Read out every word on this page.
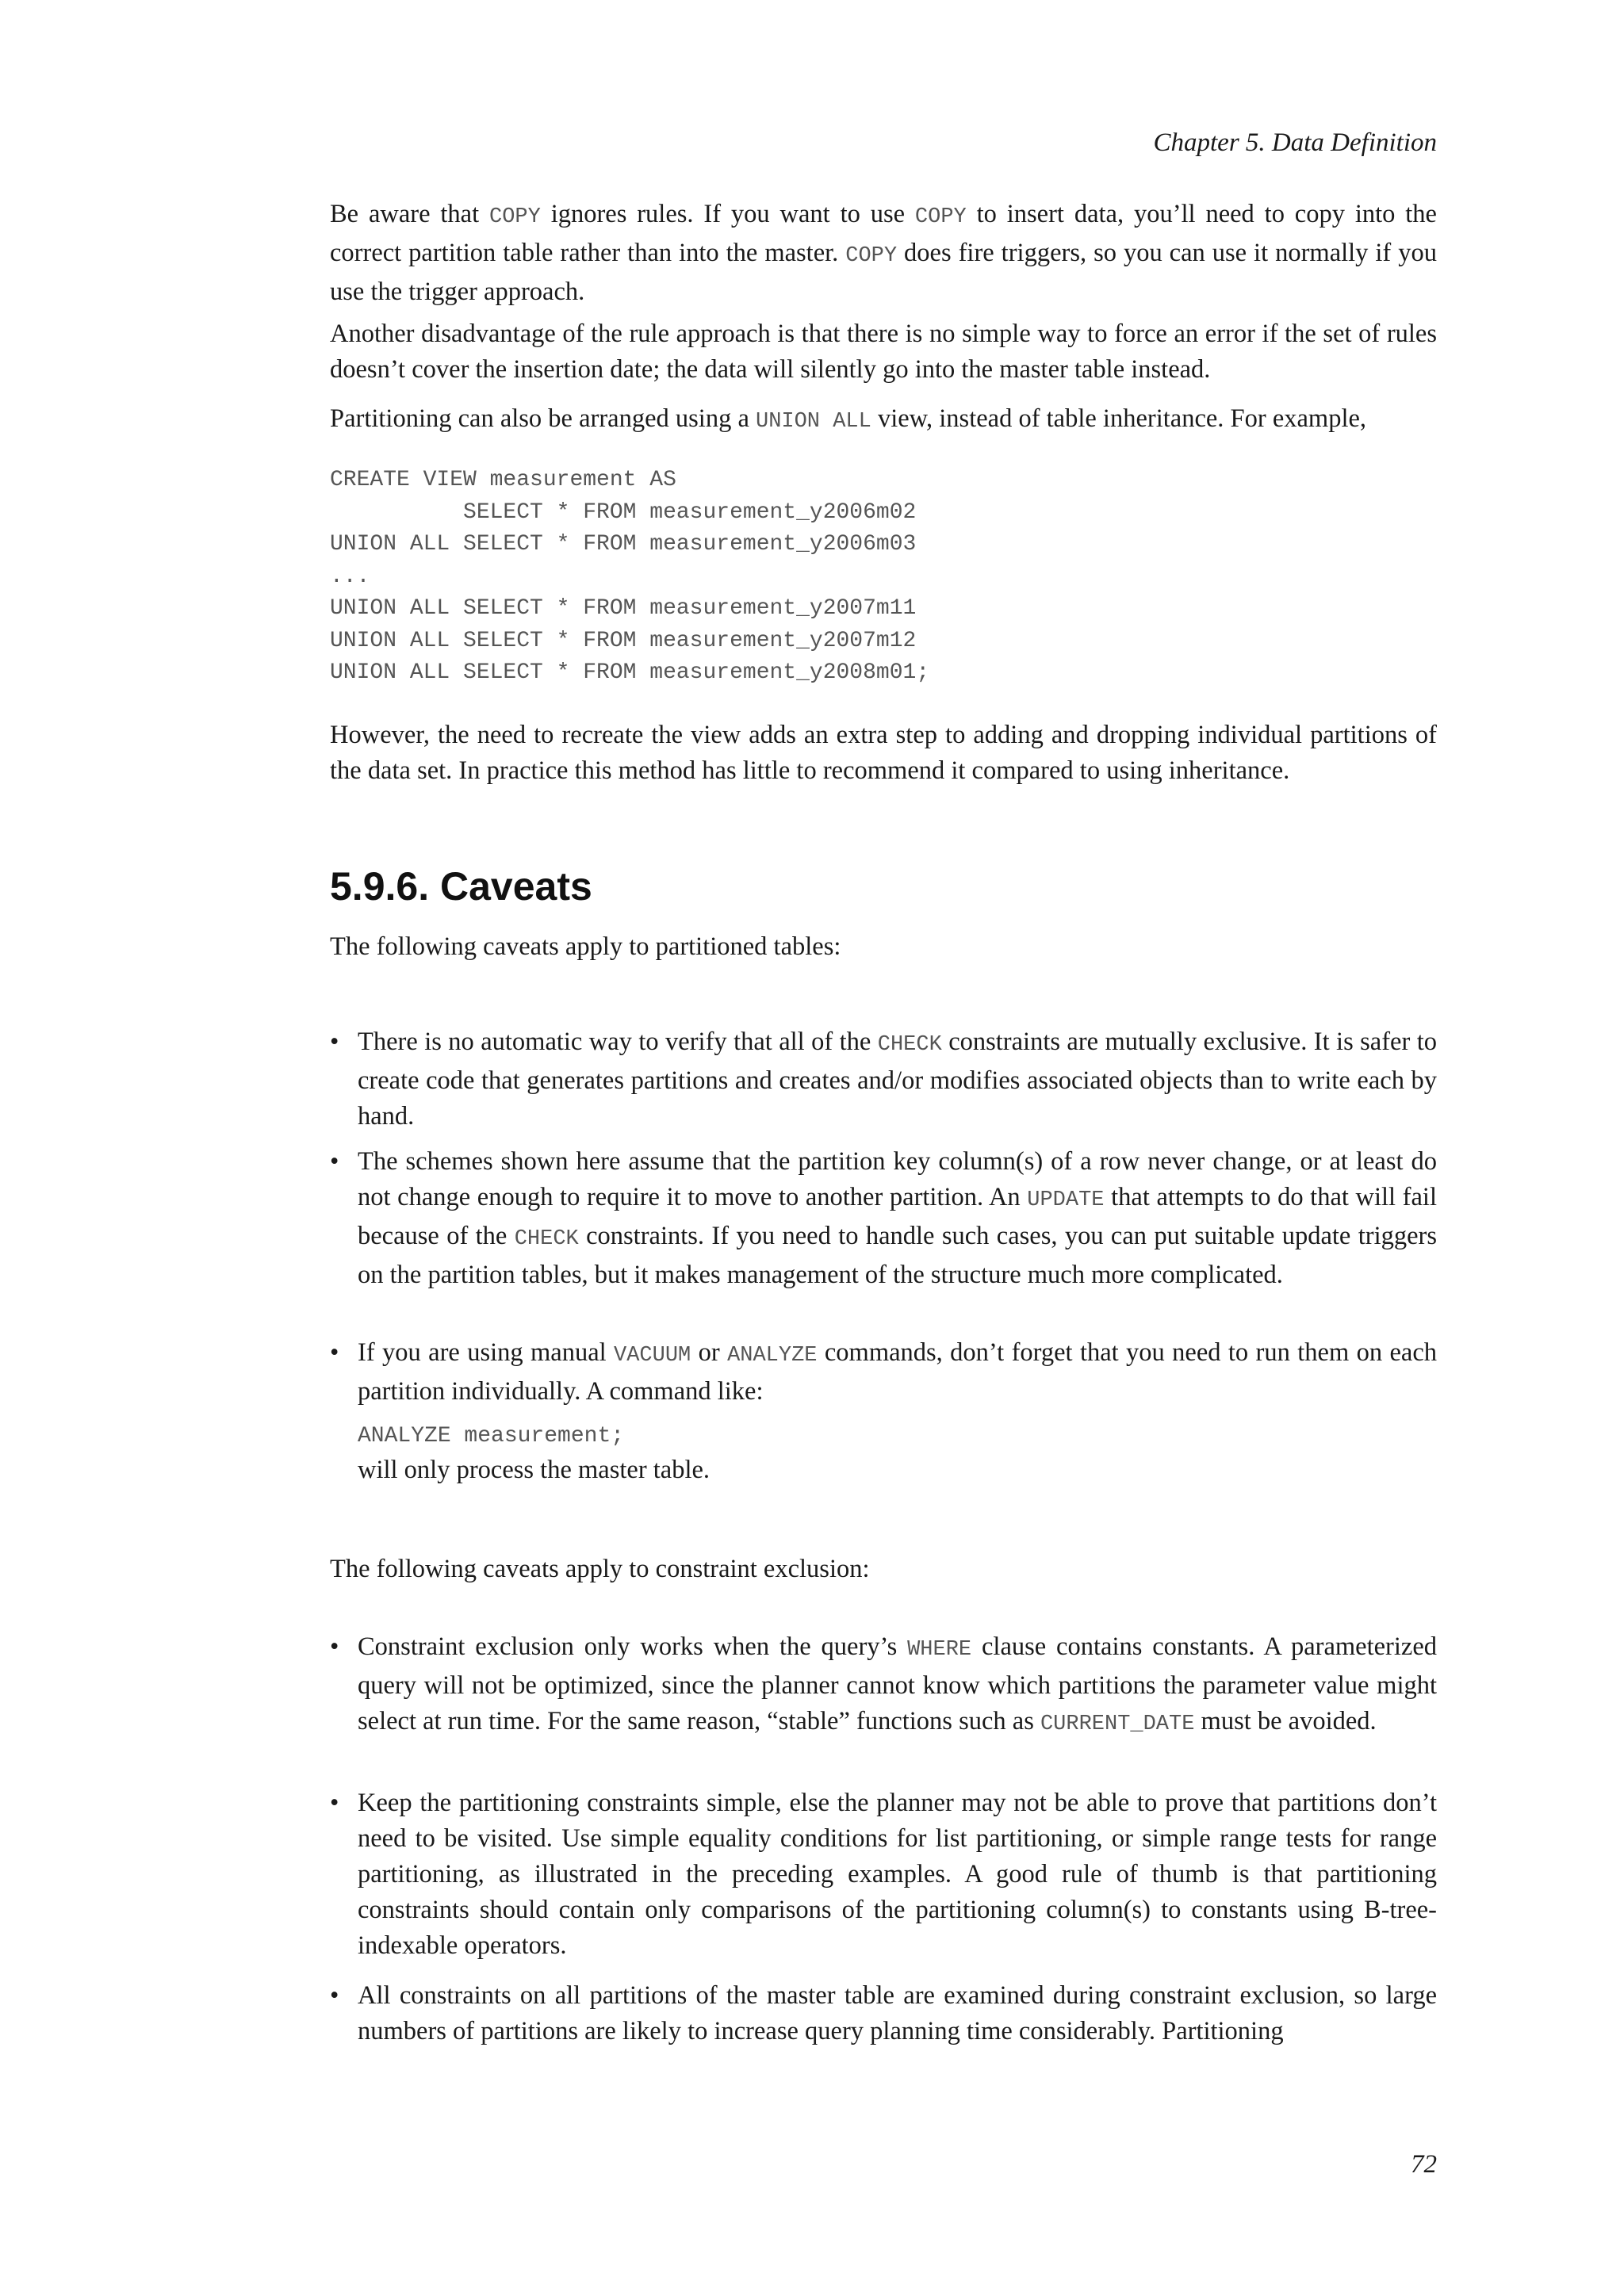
Chapter 5. Data Definition

Be aware that COPY ignores rules. If you want to use COPY to insert data, you’ll need to copy into the correct partition table rather than into the master. COPY does fire triggers, so you can use it normally if you use the trigger approach.

Another disadvantage of the rule approach is that there is no simple way to force an error if the set of rules doesn’t cover the insertion date; the data will silently go into the master table instead.

Partitioning can also be arranged using a UNION ALL view, instead of table inheritance. For example,

CREATE VIEW measurement AS
SELECT * FROM measurement_y2006m02
UNION ALL SELECT * FROM measurement_y2006m03
...
UNION ALL SELECT * FROM measurement_y2007m11
UNION ALL SELECT * FROM measurement_y2007m12
UNION ALL SELECT * FROM measurement_y2008m01;

However, the need to recreate the view adds an extra step to adding and dropping individual partitions of the data set. In practice this method has little to recommend it compared to using inheritance.

5.9.6. Caveats

The following caveats apply to partitioned tables:

• There is no automatic way to verify that all of the CHECK constraints are mutually exclusive. It is safer to create code that generates partitions and creates and/or modifies associated objects than to write each by hand.

• The schemes shown here assume that the partition key column(s) of a row never change, or at least do not change enough to require it to move to another partition. An UPDATE that attempts to do that will fail because of the CHECK constraints. If you need to handle such cases, you can put suitable update triggers on the partition tables, but it makes management of the structure much more complicated.

• If you are using manual VACUUM or ANALYZE commands, don’t forget that you need to run them on each partition individually. A command like:

ANALYZE measurement;

will only process the master table.

The following caveats apply to constraint exclusion:

• Constraint exclusion only works when the query’s WHERE clause contains constants. A parameterized query will not be optimized, since the planner cannot know which partitions the parameter value might select at run time. For the same reason, “stable” functions such as CURRENT_DATE must be avoided.

• Keep the partitioning constraints simple, else the planner may not be able to prove that partitions don’t need to be visited. Use simple equality conditions for list partitioning, or simple range tests for range partitioning, as illustrated in the preceding examples. A good rule of thumb is that partitioning constraints should contain only comparisons of the partitioning column(s) to constants using B-tree-indexable operators.

• All constraints on all partitions of the master table are examined during constraint exclusion, so large numbers of partitions are likely to increase query planning time considerably. Partitioning

72
